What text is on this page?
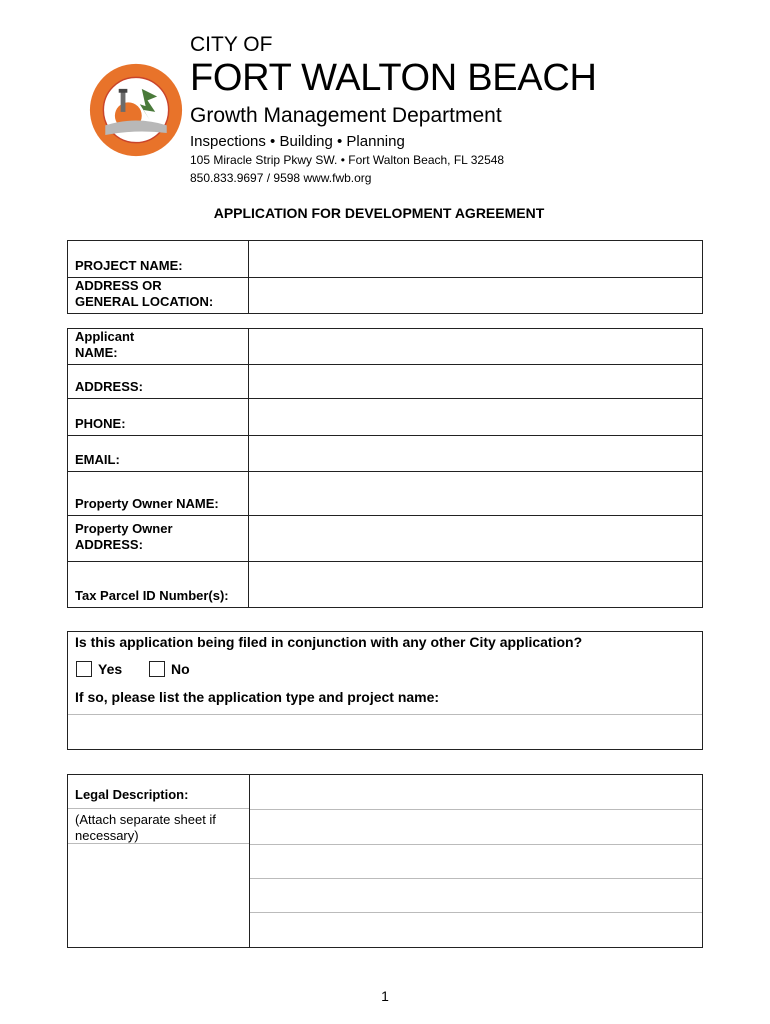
CITY OF
FORT WALTON BEACH
Growth Management Department
Inspections • Building • Planning
105 Miracle Strip Pkwy SW. • Fort Walton Beach, FL 32548
850.833.9697 / 9598 www.fwb.org
APPLICATION FOR DEVELOPMENT AGREEMENT
PROJECT NAME:	
ADDRESS OR
GENERAL LOCATION:	
Applicant
NAME:	
ADDRESS:	
PHONE:	
EMAIL:	
Property Owner NAME:	
Property Owner
ADDRESS:	
Tax Parcel ID Number(s):	
Is this application being filed in conjunction with any other City application?
Yes	No
If so, please list the application type and project name:
Legal Description:
(Attach separate sheet if necessary)
1
